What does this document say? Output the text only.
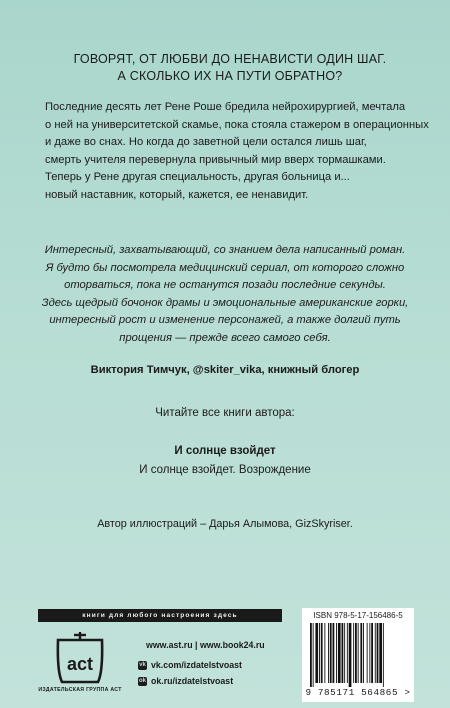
ГОВОРЯТ, ОТ ЛЮБВИ ДО НЕНАВИСТИ ОДИН ШАГ.
А СКОЛЬКО ИХ НА ПУТИ ОБРАТНО?
Последние десять лет Рене Роше бредила нейрохирургией, мечтала
о ней на университетской скамье, пока стояла стажером в операционных
и даже во снах. Но когда до заветной цели остался лишь шаг,
смерть учителя перевернула привычный мир вверх тормашками.
Теперь у Рене другая специальность, другая больница и...
новый наставник, который, кажется, ее ненавидит.
Интересный, захватывающий, со знанием дела написанный роман.
Я будто бы посмотрела медицинский сериал, от которого сложно
оторваться, пока не останутся позади последние секунды.
Здесь щедрый бочонок драмы и эмоциональные американские горки,
интересный рост и изменение персонажей, а также долгий путь
прощения — прежде всего самого себя.
Виктория Тимчук, @skiter_vika, книжный блогер
Читайте все книги автора:
И солнце взойдет
И солнце взойдет. Возрождение
Автор иллюстраций – Дарья Алымова, GizSkyriser.
книги для любого настроения здесь
act
ИЗДАТЕЛЬСКАЯ ГРУППА АСТ
www.ast.ru | www.book24.ru
vk vk.com/izdatelstvoast
ok ok.ru/izdatelstvoast
ISBN 978-5-17-156486-5
9 785171 564865 >
